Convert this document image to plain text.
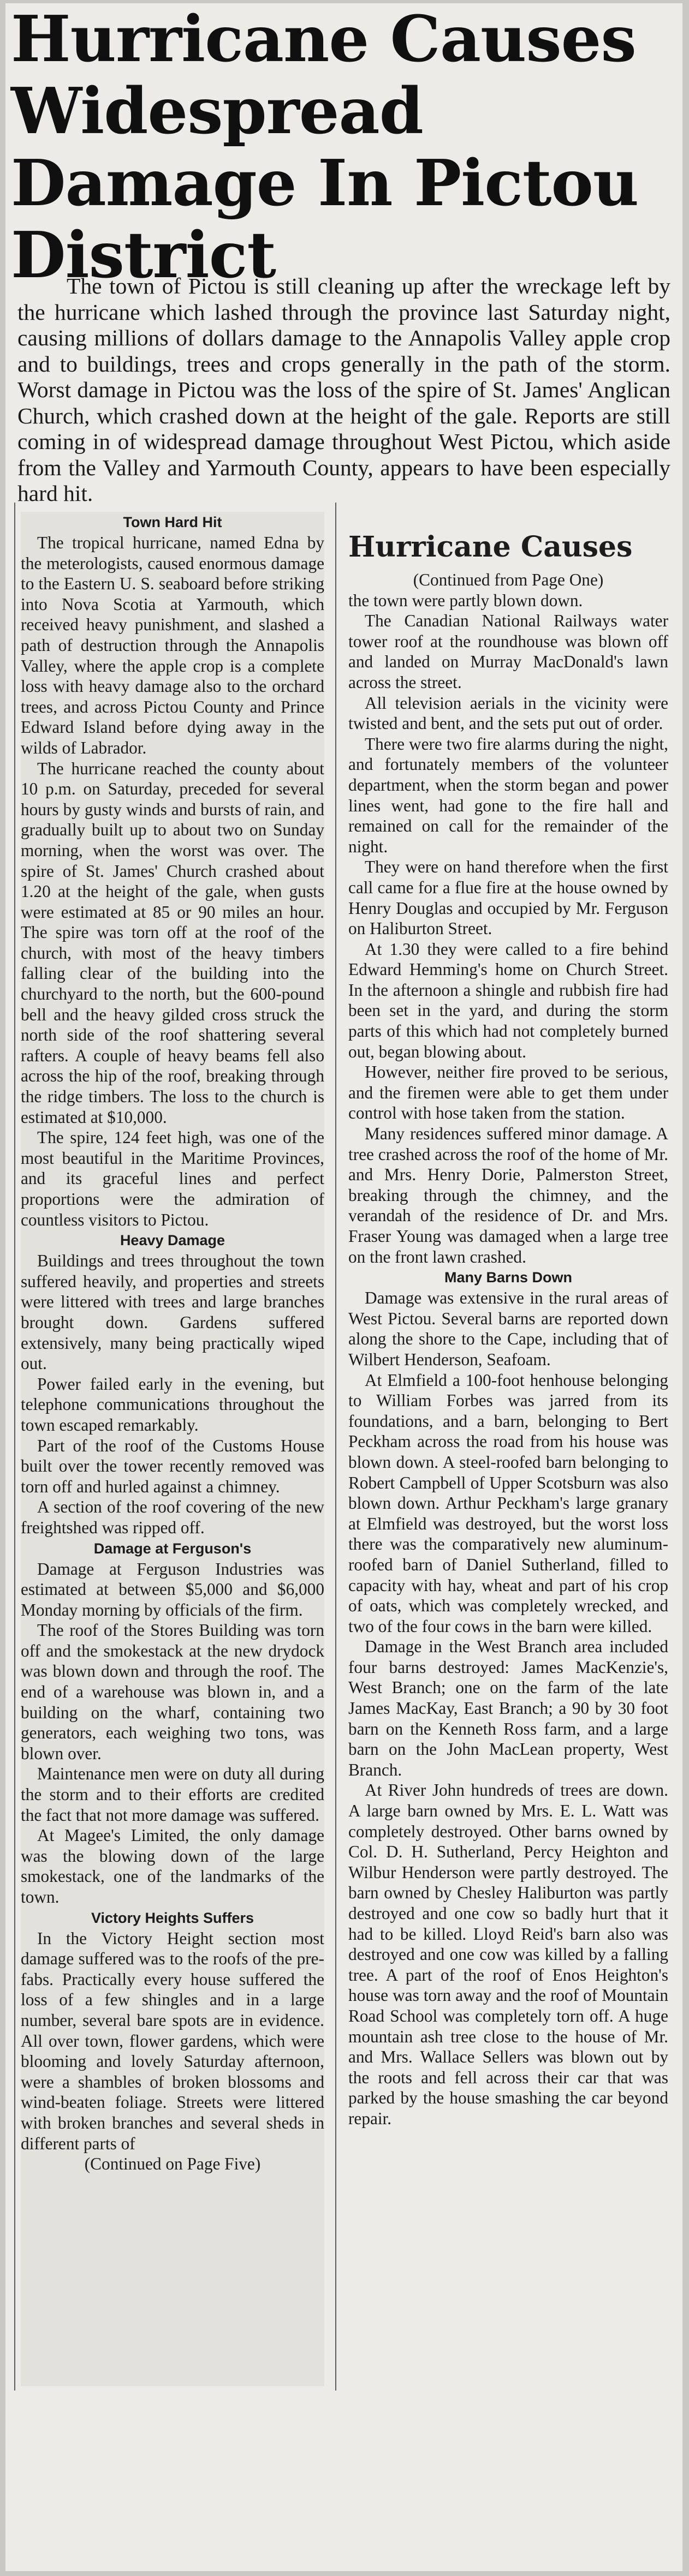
Hurricane Causes Widespread Damage In Pictou District

The town of Pictou is still cleaning up after the wreckage left by the hurricane which lashed through the province last Saturday night, causing millions of dollars damage to the Annapolis Valley apple crop and to buildings, trees and crops generally in the path of the storm. Worst damage in Pictou was the loss of the spire of St. James' Anglican Church, which crashed down at the height of the gale. Reports are still coming in of widespread damage throughout West Pictou, which aside from the Valley and Yarmouth County, appears to have been especially hard hit.

Town Hard Hit

The tropical hurricane, named Edna by the meterologists, caused enormous damage to the Eastern U. S. seaboard before striking into Nova Scotia at Yarmouth, which received heavy punishment, and slashed a path of destruction through the Annapolis Valley, where the apple crop is a complete loss with heavy damage also to the orchard trees, and across Pictou County and Prince Edward Island before dying away in the wilds of Labrador.

The hurricane reached the county about 10 p.m. on Saturday, preceded for several hours by gusty winds and bursts of rain, and gradually built up to about two on Sunday morning, when the worst was over. The spire of St. James' Church crashed about 1.20 at the height of the gale, when gusts were estimated at 85 or 90 miles an hour. The spire was torn off at the roof of the church, with most of the heavy timbers falling clear of the building into the churchyard to the north, but the 600-pound bell and the heavy gilded cross struck the north side of the roof shattering several rafters. A couple of heavy beams fell also across the hip of the roof, breaking through the ridge timbers. The loss to the church is estimated at $10,000.

The spire, 124 feet high, was one of the most beautiful in the Maritime Provinces, and its graceful lines and perfect proportions were the admiration of countless visitors to Pictou.

Heavy Damage

Buildings and trees throughout the town suffered heavily, and properties and streets were littered with trees and large branches brought down. Gardens suffered extensively, many being practically wiped out.

Power failed early in the evening, but telephone communications throughout the town escaped remarkably.

Part of the roof of the Customs House built over the tower recently removed was torn off and hurled against a chimney.

A section of the roof covering of the new freightshed was ripped off.

Damage at Ferguson's

Damage at Ferguson Industries was estimated at between $5,000 and $6,000 Monday morning by officials of the firm.

The roof of the Stores Building was torn off and the smokestack at the new drydock was blown down and through the roof. The end of a warehouse was blown in, and a building on the wharf, containing two generators, each weighing two tons, was blown over.

Maintenance men were on duty all during the storm and to their efforts are credited the fact that not more damage was suffered.

At Magee's Limited, the only damage was the blowing down of the large smokestack, one of the landmarks of the town.

Victory Heights Suffers

In the Victory Height section most damage suffered was to the roofs of the pre-fabs. Practically every house suffered the loss of a few shingles and in a large number, several bare spots are in evidence. All over town, flower gardens, which were blooming and lovely Saturday afternoon, were a shambles of broken blossoms and wind-beaten foliage. Streets were littered with broken branches and several sheds in different parts of

(Continued on Page Five)

Hurricane Causes

(Continued from Page One)

the town were partly blown down.

The Canadian National Railways water tower roof at the roundhouse was blown off and landed on Murray MacDonald's lawn across the street.

All television aerials in the vicinity were twisted and bent, and the sets put out of order.

There were two fire alarms during the night, and fortunately members of the volunteer department, when the storm began and power lines went, had gone to the fire hall and remained on call for the remainder of the night.

They were on hand therefore when the first call came for a flue fire at the house owned by Henry Douglas and occupied by Mr. Ferguson on Haliburton Street.

At 1.30 they were called to a fire behind Edward Hemming's home on Church Street. In the afternoon a shingle and rubbish fire had been set in the yard, and during the storm parts of this which had not completely burned out, began blowing about.

However, neither fire proved to be serious, and the firemen were able to get them under control with hose taken from the station.

Many residences suffered minor damage. A tree crashed across the roof of the home of Mr. and Mrs. Henry Dorie, Palmerston Street, breaking through the chimney, and the verandah of the residence of Dr. and Mrs. Fraser Young was damaged when a large tree on the front lawn crashed.

Many Barns Down

Damage was extensive in the rural areas of West Pictou. Several barns are reported down along the shore to the Cape, including that of Wilbert Henderson, Seafoam.

At Elmfield a 100-foot henhouse belonging to William Forbes was jarred from its foundations, and a barn, belonging to Bert Peckham across the road from his house was blown down. A steel-roofed barn belonging to Robert Campbell of Upper Scotsburn was also blown down. Arthur Peckham's large granary at Elmfield was destroyed, but the worst loss there was the comparatively new aluminum-roofed barn of Daniel Sutherland, filled to capacity with hay, wheat and part of his crop of oats, which was completely wrecked, and two of the four cows in the barn were killed.

Damage in the West Branch area included four barns destroyed: James MacKenzie's, West Branch; one on the farm of the late James MacKay, East Branch; a 90 by 30 foot barn on the Kenneth Ross farm, and a large barn on the John MacLean property, West Branch.

At River John hundreds of trees are down. A large barn owned by Mrs. E. L. Watt was completely destroyed. Other barns owned by Col. D. H. Sutherland, Percy Heighton and Wilbur Henderson were partly destroyed. The barn owned by Chesley Haliburton was partly destroyed and one cow so badly hurt that it had to be killed. Lloyd Reid's barn also was destroyed and one cow was killed by a falling tree. A part of the roof of Enos Heighton's house was torn away and the roof of Mountain Road School was completely torn off. A huge mountain ash tree close to the house of Mr. and Mrs. Wallace Sellers was blown out by the roots and fell across their car that was parked by the house smashing the car beyond repair.
